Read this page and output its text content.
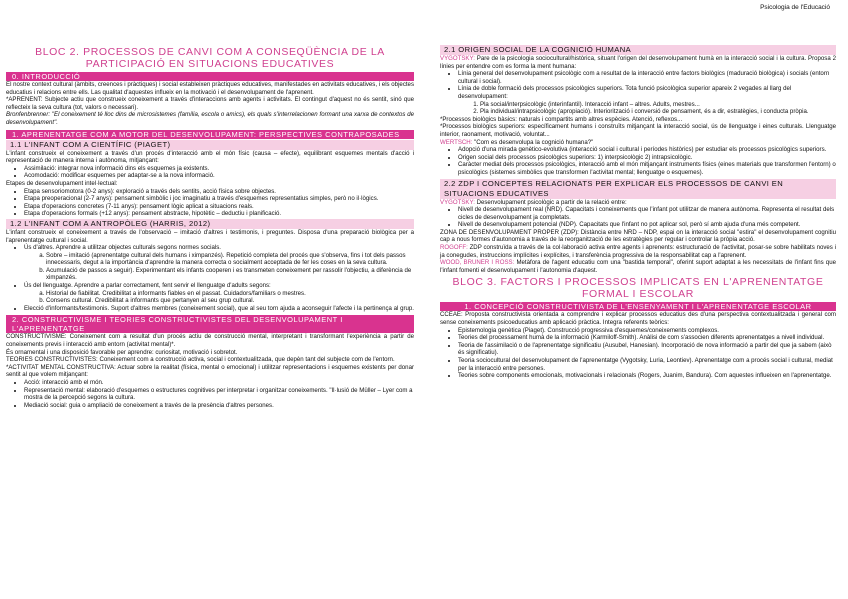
Psicologia de l'Educació
BLOC 2. PROCESSOS DE CANVI COM A CONSEQÜÈNCIA DE LA PARTICIPACIÓ EN SITUACIONS EDUCATIVES
0. INTRODUCCIÓ

El nostre context cultural (àmbits, creences i pràctiques) i social estableixen pràctiques educatives, manifestades en activitats educatives, i els objectes educatius i relacions entre ells. Las qualitat d'aquestes influeix en la motivació i el desenvolupament de l'aprenent.

*APRENENT: Subjecte actiu que construeix coneixement a través d'interaccions amb agents i activitats. El contingut d'aquest no és sentit, sinó que reflecteix la seva cultura (tot, valors o necessari).

Bronfenbrenner: "El coneixement té lloc dins de microsistemes (família, escola o amics), els quals s'interrelacionen formant una xarxa de contextos de desenvolupament".

1. APRENENTATGE COM A MOTOR DEL DESENVOLUPAMENT: PERSPECTIVES CONTRAPOSADES
1.1 L'INFANT COM A CIENTÍFIC (PIAGET)

L'infant construeix el coneixement a través d'un procés d'interacció amb el món físic (causa – efecte), equilibrant esquemes mentals d'acció i representació de manera interna i autònoma, mitjançant:

• Assimilació: integrar nova informació dins els esquemes ja existents.
• Acomodació: modificar esquemes per adaptar-se a la nova informació.

Etapes de desenvolupament intel·lectual:

• Etapa sensoriomotora (0-2 anys): exploració a través dels sentits, acció física sobre objectes.
• Etapa preoperacional (2-7 anys): pensament simbòlic i joc imaginatiu a través d'esquemes representatius simples, però no il·lògics.
• Etapa d'operacions concretes (7-11 anys): pensament lògic aplicat a situacions reals.
• Etapa d'operacions formals (+12 anys): pensament abstracte, hipotètic – deductiu i planificació.
1.2 L'INFANT COM A ANTROPÒLEG (HARRIS, 2012)

L'infant construeix el coneixement a través de l'observació – imitació d'altres i testimonis, i preguntes. Disposa d'una preparació biològica per a l'aprenentatge cultural i social.

• Ús d'altres. Aprendre a utilitzar objectes culturals segons normes socials.
a. Sobre – imitació (aprenentatge cultural dels humans i ximpanzés). Repetició completa del procés que s'observa, fins i tot dels passos innecessaris, degut a la importància d'aprendre la manera correcta o socialment acceptada de fer les coses en la seva cultura.
b. Acumulació de passos a seguir). Experimentant els infants cooperen i es transmeten coneixement per rassolir l'objectiu, a diferència de ximpanzés.
• Ús del llenguatge. Aprendre a parlar correctament, fent servir el llenguatge d'adults segons:
a. Historial de fiabilitat. Credibilitat a informants fiables en el passat. Cuidadors/familiars o mestres.
b. Consens cultural. Credibilitat a informants que pertanyen al seu grup cultural.
• Elecció d'informants/testimonis. Suport d'altres membres (coneixement social), que al seu torn ajuda a aconseguir l'afecte i la pertinença al grup.
2. CONSTRUCTIVISME I TEORIES CONSTRUCTIVISTES DEL DESENVOLUPAMENT I L'APRENENTATGE

CONSTRUCTIVISME: Coneixement com a resultat d'un procés actiu de construcció mental, interpretant i transformant l'experiència a partir de coneixements previs i interacció amb entorn (activitat mental)*.

És ornamental i una disposició favorable per aprendre: curiositat, motivació i sobretot.

TEORIES CONSTRUCTIVISTES: Coneixement com a construcció activa, social i contextualitzada, que depèn tant del subjecte com de l'entorn.

*ACTIVITAT MENTAL CONSTRUCTIVA: Actuar sobre la realitat (física, mental o emocional) i utilitzar representacions i esquemes existents per donar sentit al que volem mitjançant:

• Acció: interacció amb el món.
• Representació mental: elaboració d'esquemes o estructures cognitives per interpretar i organitzar coneixements. "Il·lusió de Müller – Lyer com a mostra de la percepció segons la cultura.
• Mediació social: guia o ampliació de coneixement a través de la presència d'altres persones.
2.1 ORIGEN SOCIAL DE LA COGNICIÓ HUMANA

VYGOTSKY: Pare de la psicologia sociocultural/històrica, situant l'origen del desenvolupament humà en la interacció social i la cultura. Proposa 2 línies per entendre com es forma la ment humana:

• Línia general del desenvolupament psicològic com a resultat de la interacció entre factors biològics (maduració biològica) i socials (entorn cultural i social).
• Línia de doble formació dels processos psicològics superiors. Tota funció psicològica superior apareix 2 vegades al llarg del desenvolupament:
1. Pla social/interpsicològic (interinfantil). Interacció infant – altres. Adults, mestres...
2. Pla individual/intrapsicològic (apropiació). Interiorització i conversió de pensament, és a dir, estratègies, i conducta pròpia.

*Processos biològics bàsics: naturals i compartits amb altres espècies. Atenció, reflexos...

*Processos biològics superiors: específicament humans i construïts mitjançant la interacció social, ús de llenguatge i eines culturals. Llenguatge interior, raonament, motivació, voluntat...

WERTSCH: "Com es desenvolupa la cognició humana?"

• Adopció d'una mirada genètico-evolutiva (interacció social i cultural i períodes històrics) per estudiar els processos psicològics superiors.
• Origen social dels processos psicològics superiors: 1) interpsicològic 2) intrapsicològic.
• Caràcter mediat dels processos psicològics, interacció amb el món mitjançant instruments físics (eines materials que transformen l'entorn) o psicològics (sistemes simbòlics que transformen l'activitat mental; llenguatge o esquemes).
2.2 ZDP I CONCEPTES RELACIONATS PER EXPLICAR ELS PROCESSOS DE CANVI EN SITUACIONS EDUCATIVES

VYGOTSKY: Desenvolupament psicològic a partir de la relació entre:

• Nivell de desenvolupament real (NRD). Capacitats i coneixements que l'infant pot utilitzar de manera autònoma. Representa el resultat dels cicles de desenvolupament ja completats.
• Nivell de desenvolupament potencial (NDP). Capacitats que l'infant no pot aplicar sol, però sí amb ajuda d'una més competent.

ZONA DE DESENVOLUPAMENT PROPER (ZDP): Distància entre NRD – NDP, espai on la interacció social "estira" el desenvolupament cognitiu cap a nous formes d'autonomia a través de la reorganització de les estratègies per regular i controlar la pròpia acció.

ROGOFF: ZDP construïda a través de la col·laboració activa entre agents i aprenents: estructuració de l'activitat, posar-se sobre habilitats noves i ja conegudes, instruccions implícites i explícites, i transferència progressiva de la responsabilitat cap a l'aprenent.

WOOD, BRUNER I ROSS: Metàfora de l'agent educatiu com una "bastida temporal", oferint suport adaptat a les necessitats de l'infant fins que l'infant fomenti el desenvolupament i l'autonomia d'aquest.

BLOC 3. FACTORS I PROCESSOS IMPLICATS EN L'APRENENTATGE FORMAL I ESCOLAR
1. CONCEPCIÓ CONSTRUCTIVISTA DE L'ENSENYAMENT I L'APRENENTATGE ESCOLAR

CCEAE: Proposta constructivista orientada a comprendre i explicar processos educatius des d'una perspectiva contextualitzada i general com sense coneixements psicoeducatius amb aplicació pràctica. Integra referents teòrics:

• Epistemologia genètica (Piaget). Construcció progressiva d'esquemes/coneixements complexos.
• Teories del processament humà de la informació (Karmiloff-Smith). Anàlisi de com s'associen diferents aprenentatges a nivell individual.
• Teoria de l'assimilació o de l'aprenentatge significatiu (Ausubel, Hanesian). Incorporació de nova informació a partir del que ja sabem (això és significatiu).
• Teoria sociocultural del desenvolupament de l'aprenentatge (Vygotsky, Luria, Leontiev). Aprenentatge com a procés social i cultural, mediat per la interacció entre persones.
• Teories sobre components emocionals, motivacionals i relacionals (Rogers, Juanim, Bandura). Com aquestes influeixen en l'aprenentatge.
